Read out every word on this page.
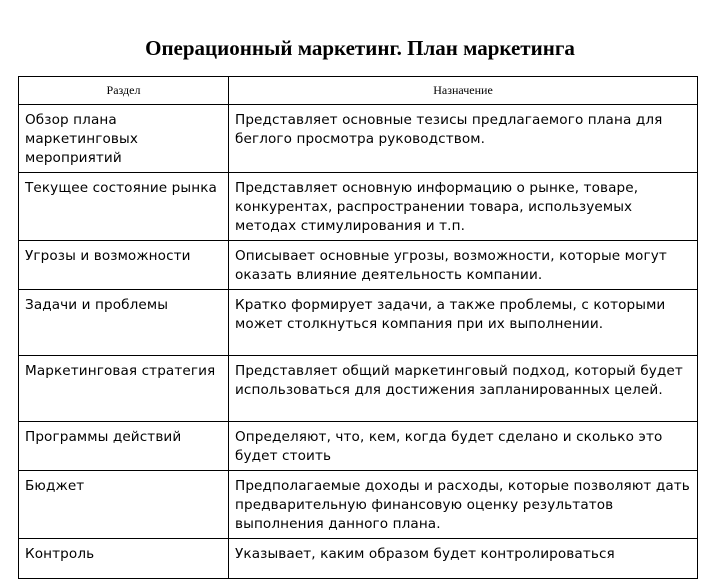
Операционный маркетинг. План маркетинга
Раздел	Назначение
Обзор плана маркетинговых мероприятий	Представляет основные тезисы предлагаемого плана для беглого просмотра руководством.
Текущее состояние рынка	Представляет основную информацию о рынке, товаре, конкурентах, распространении товара, используемых методах стимулирования и т.п.
Угрозы и возможности	Описывает основные угрозы, возможности, которые могут оказать влияние деятельность компании.
Задачи и проблемы	Кратко формирует задачи, а также проблемы, с которыми может столкнуться компания при их выполнении.
Маркетинговая стратегия	Представляет общий маркетинговый подход, который будет использоваться для достижения запланированных целей.
Программы действий	Определяют, что, кем, когда будет сделано и сколько это будет стоить
Бюджет	Предполагаемые доходы и расходы, которые позволяют дать предварительную финансовую оценку результатов выполнения данного плана.
Контроль	Указывает, каким образом будет контролироваться
